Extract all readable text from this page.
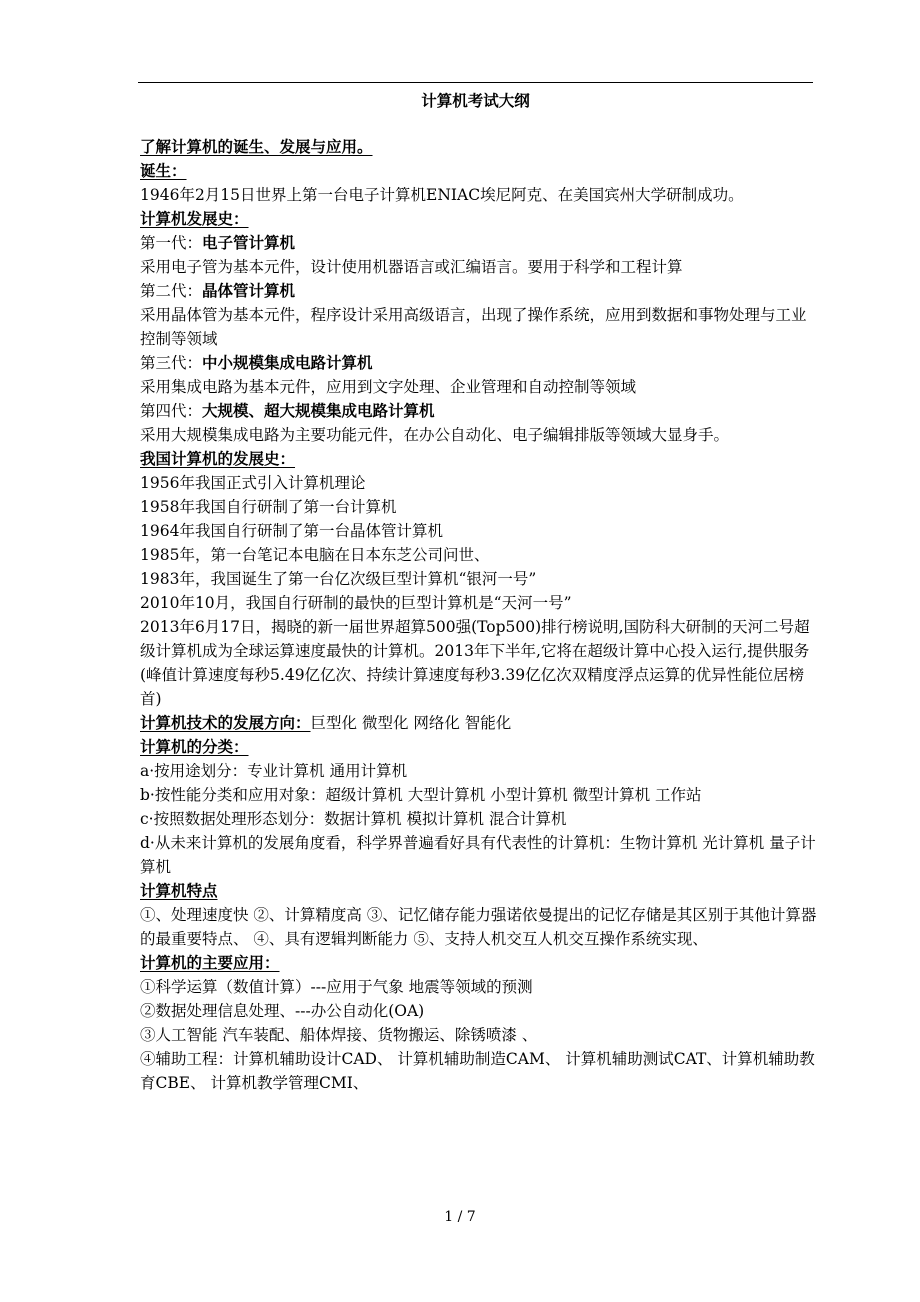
计算机考试大纲

了解计算机的诞生、发展与应用。

诞生：

1946年2月15日世界上第一台电子计算机ENIAC埃尼阿克、在美国宾州大学研制成功。

计算机发展史：

第一代：电子管计算机

采用电子管为基本元件，设计使用机器语言或汇编语言。要用于科学和工程计算

第二代：晶体管计算机

采用晶体管为基本元件，程序设计采用高级语言，出现了操作系统，应用到数据和事物处理与工业控制等领域

第三代：中小规模集成电路计算机

采用集成电路为基本元件，应用到文字处理、企业管理和自动控制等领域

第四代：大规模、超大规模集成电路计算机

采用大规模集成电路为主要功能元件，在办公自动化、电子编辑排版等领域大显身手。

我国计算机的发展史：

1956年我国正式引入计算机理论

1958年我国自行研制了第一台计算机

1964年我国自行研制了第一台晶体管计算机

1985年，第一台笔记本电脑在日本东芝公司问世、

1983年，我国诞生了第一台亿次级巨型计算机“银河一号”

2010年10月，我国自行研制的最快的巨型计算机是“天河一号”

2013年6月17日，揭晓的新一届世界超算500强(Top500)排行榜说明,国防科大研制的天河二号超级计算机成为全球运算速度最快的计算机。2013年下半年,它将在超级计算中心投入运行,提供服务(峰值计算速度每秒5.49亿亿次、持续计算速度每秒3.39亿亿次双精度浮点运算的优异性能位居榜首)

计算机技术的发展方向：巨型化 微型化 网络化 智能化

计算机的分类：

a·按用途划分：专业计算机 通用计算机

b·按性能分类和应用对象：超级计算机 大型计算机 小型计算机 微型计算机 工作站

c·按照数据处理形态划分：数据计算机 模拟计算机 混合计算机

d·从未来计算机的发展角度看，科学界普遍看好具有代表性的计算机：生物计算机 光计算机 量子计算机

计算机特点

①、处理速度快 ②、计算精度高 ③、记忆储存能力强诺依曼提出的记忆存储是其区别于其他计算器的最重要特点、 ④、具有逻辑判断能力 ⑤、支持人机交互人机交互操作系统实现、

计算机的主要应用：

①科学运算（数值计算）---应用于气象 地震等领域的预测

②数据处理信息处理、---办公自动化(OA)

③人工智能 汽车装配、船体焊接、货物搬运、除锈喷漆 、

④辅助工程：计算机辅助设计CAD、 计算机辅助制造CAM、 计算机辅助测试CAT、计算机辅助教育CBE、 计算机教学管理CMI、

1 / 7
